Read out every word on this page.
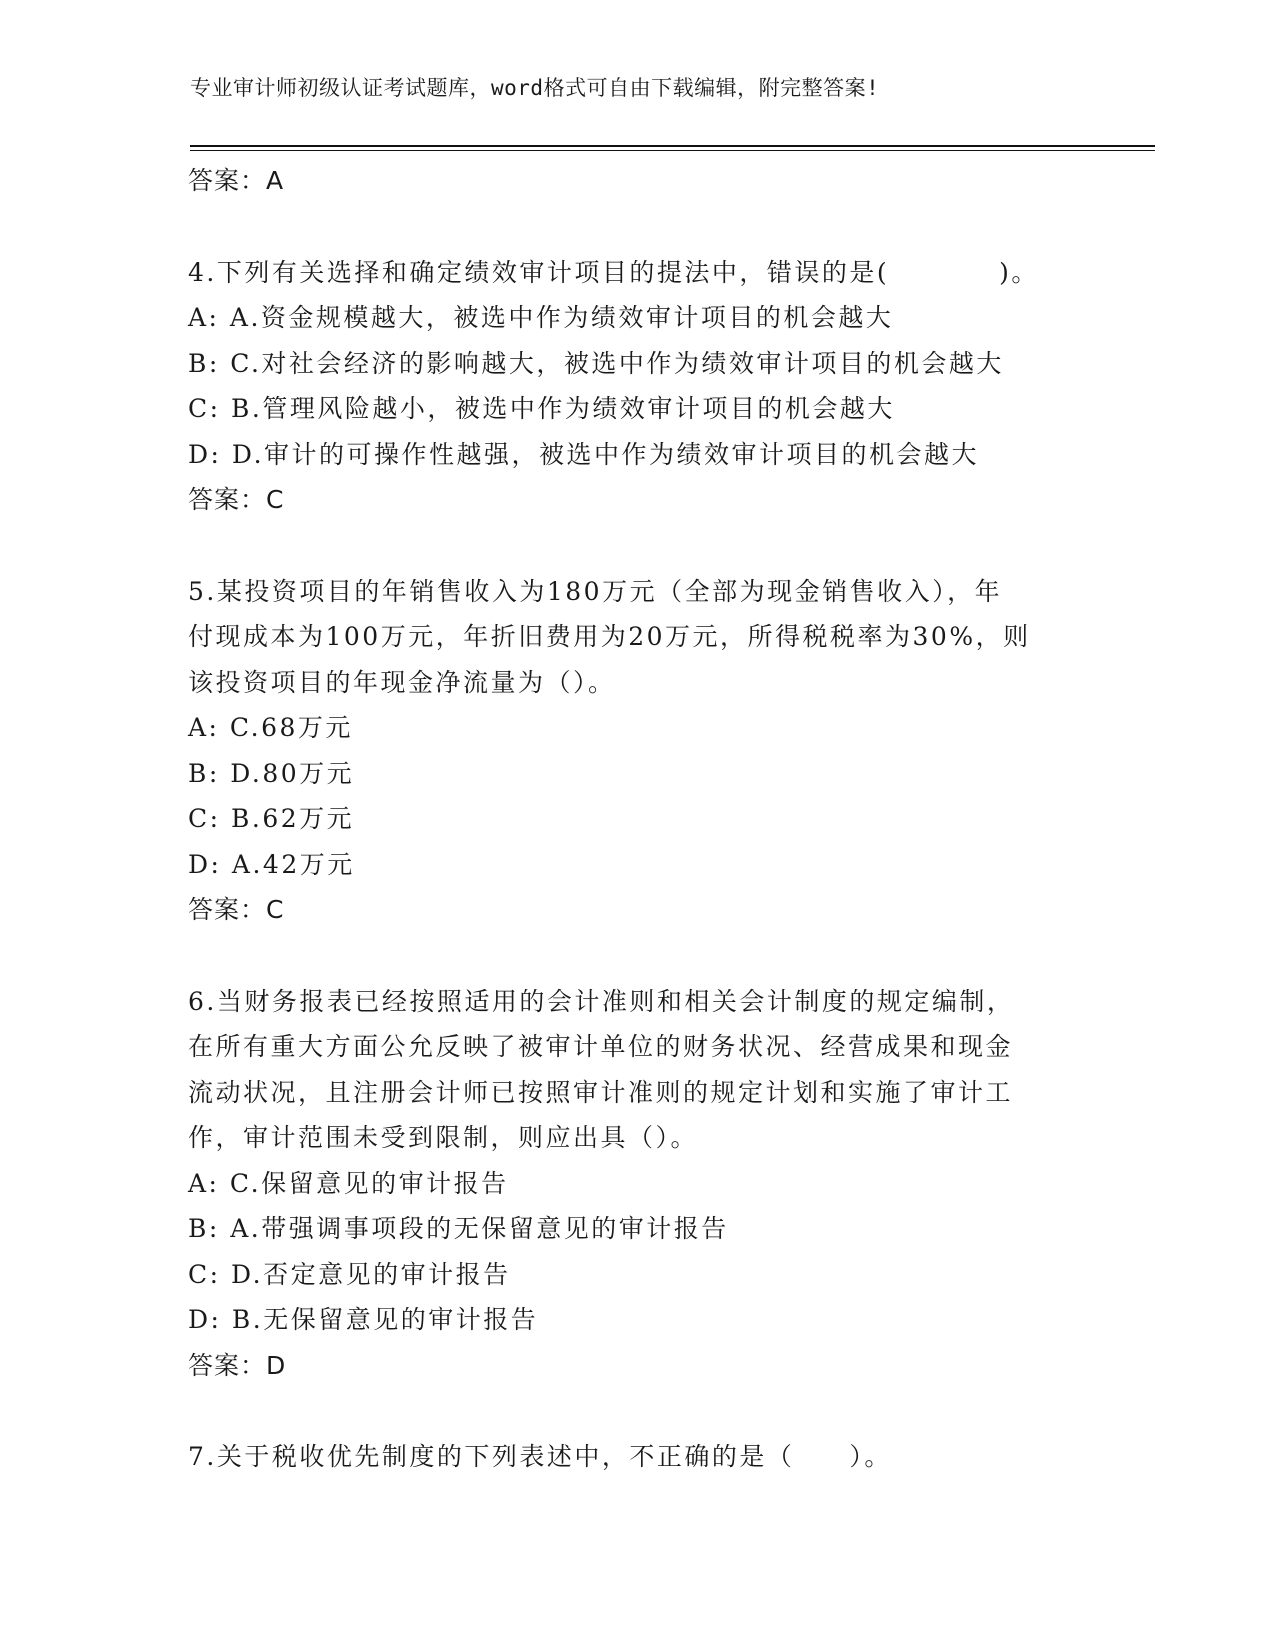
专业审计师初级认证考试题库，word格式可自由下载编辑，附完整答案!
答案：A
4.下列有关选择和确定绩效审计项目的提法中，错误的是(　　　　)。
A: A.资金规模越大，被选中作为绩效审计项目的机会越大
B: C.对社会经济的影响越大，被选中作为绩效审计项目的机会越大
C: B.管理风险越小，被选中作为绩效审计项目的机会越大
D: D.审计的可操作性越强，被选中作为绩效审计项目的机会越大
答案：C
5.某投资项目的年销售收入为180万元（全部为现金销售收入），年
付现成本为100万元，年折旧费用为20万元，所得税税率为30%，则
该投资项目的年现金净流量为（）。
A: C.68万元
B: D.80万元
C: B.62万元
D: A.42万元
答案：C
6.当财务报表已经按照适用的会计准则和相关会计制度的规定编制，
在所有重大方面公允反映了被审计单位的财务状况、经营成果和现金
流动状况，且注册会计师已按照审计准则的规定计划和实施了审计工
作，审计范围未受到限制，则应出具（）。
A: C.保留意见的审计报告
B: A.带强调事项段的无保留意见的审计报告
C: D.否定意见的审计报告
D: B.无保留意见的审计报告
答案：D
7.关于税收优先制度的下列表述中，不正确的是（　　）。
